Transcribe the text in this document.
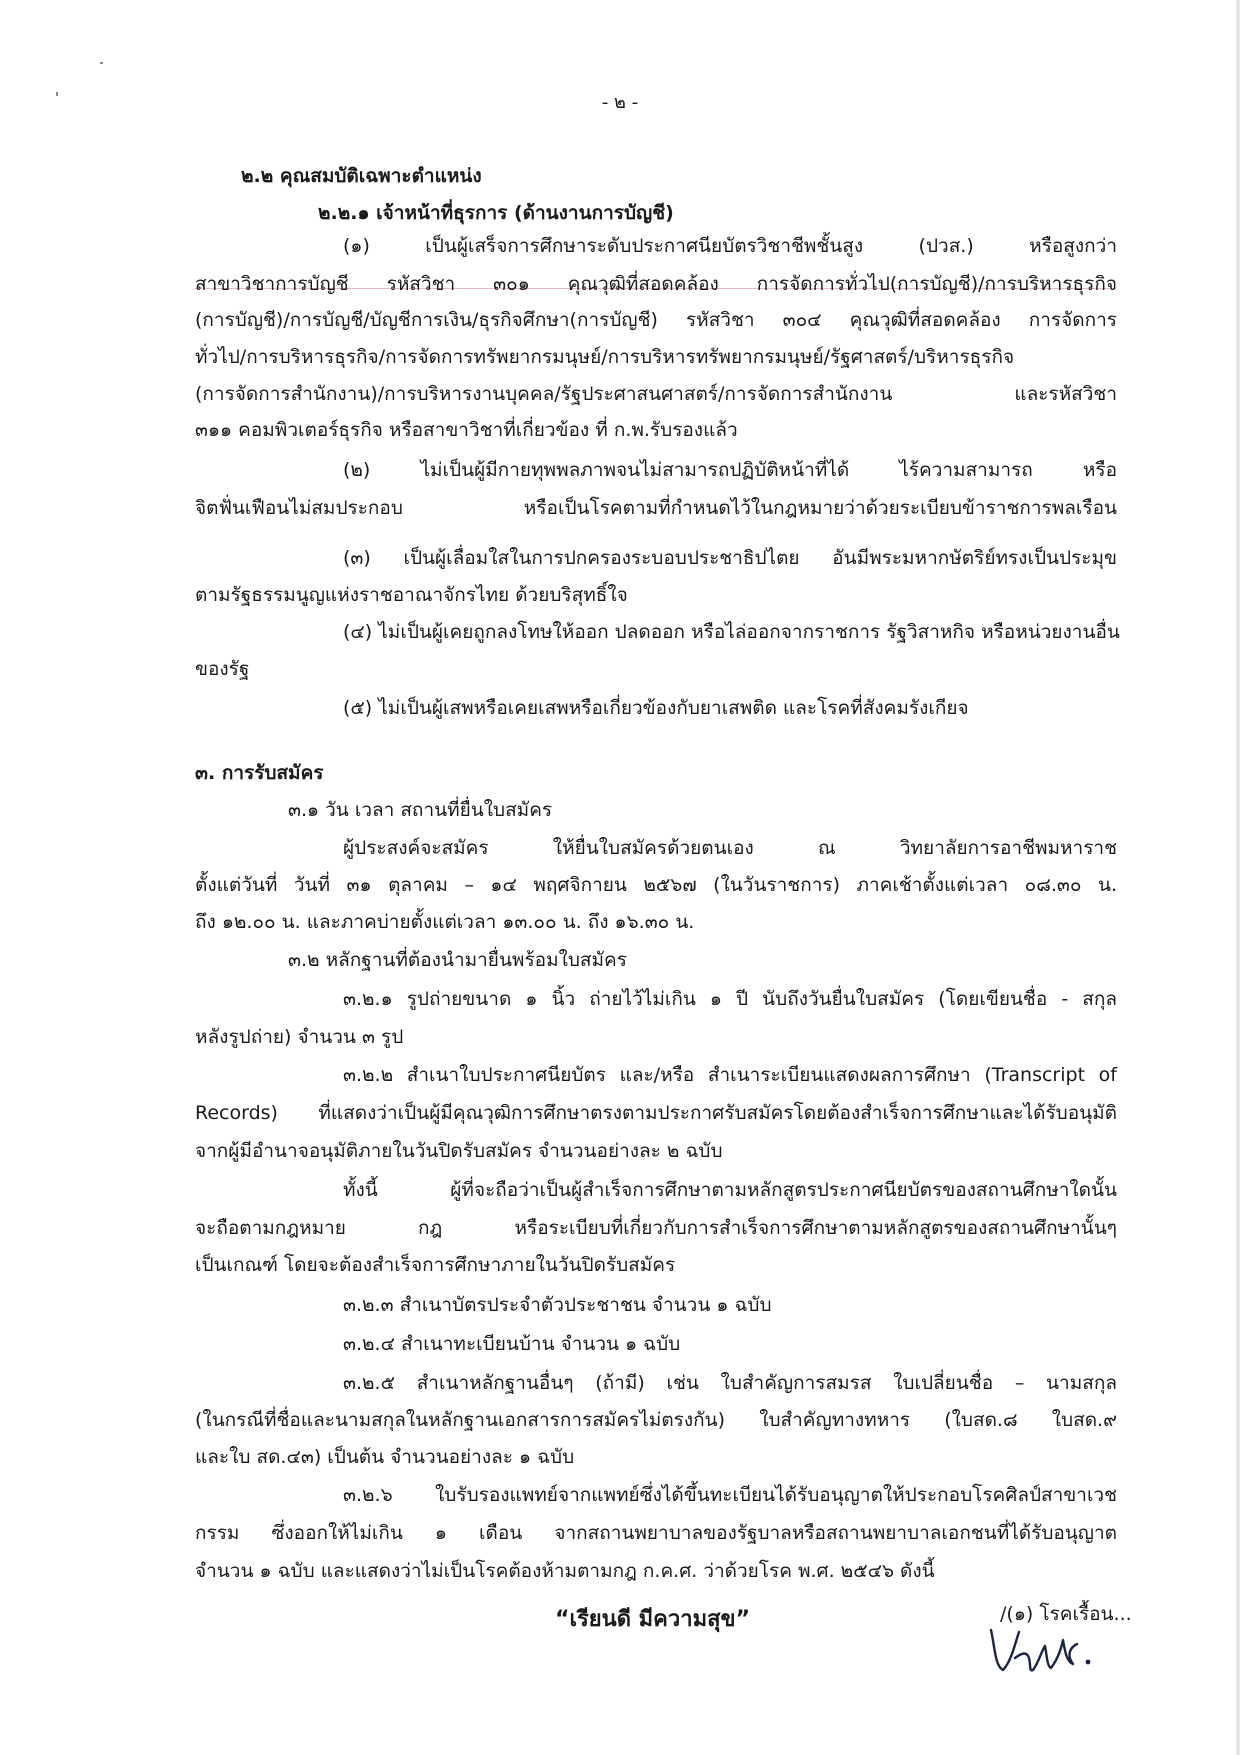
- ๒ -
๒.๒ คุณสมบัติเฉพาะตำแหน่ง
๒.๒.๑ เจ้าหน้าที่ธุรการ (ด้านงานการบัญชี)
(๑) เป็นผู้เสร็จการศึกษาระดับประกาศนียบัตรวิชาชีพชั้นสูง (ปวส.) หรือสูงกว่า
สาขาวิชาการบัญชี รหัสวิชา ๓๐๑ คุณวุฒิที่สอดคล้อง การจัดการทั่วไป(การบัญชี)/การบริหารธุรกิจ
(การบัญชี)/การบัญชี/บัญชีการเงิน/ธุรกิจศึกษา(การบัญชี) รหัสวิชา ๓๐๔ คุณวุฒิที่สอดคล้อง การจัดการ
ทั่วไป/การบริหารธุรกิจ/การจัดการทรัพยากรมนุษย์/การบริหารทรัพยากรมนุษย์/รัฐศาสตร์/บริหารธุรกิจ
(การจัดการสำนักงาน)/การบริหารงานบุคคล/รัฐประศาสนศาสตร์/การจัดการสำนักงาน และรหัสวิชา
๓๑๑ คอมพิวเตอร์ธุรกิจ หรือสาขาวิชาที่เกี่ยวข้อง ที่ ก.พ.รับรองแล้ว
(๒) ไม่เป็นผู้มีกายทุพพลภาพจนไม่สามารถปฏิบัติหน้าที่ได้ ไร้ความสามารถ หรือ
จิตฟั่นเฟือนไม่สมประกอบ หรือเป็นโรคตามที่กำหนดไว้ในกฎหมายว่าด้วยระเบียบข้าราชการพลเรือน
(๓) เป็นผู้เลื่อมใสในการปกครองระบอบประชาธิปไตย อันมีพระมหากษัตริย์ทรงเป็นประมุข
ตามรัฐธรรมนูญแห่งราชอาณาจักรไทย ด้วยบริสุทธิ์ใจ
(๔) ไม่เป็นผู้เคยถูกลงโทษให้ออก ปลดออก หรือไล่ออกจากราชการ รัฐวิสาหกิจ หรือหน่วยงานอื่น
ของรัฐ
(๕) ไม่เป็นผู้เสพหรือเคยเสพหรือเกี่ยวข้องกับยาเสพติด และโรคที่สังคมรังเกียจ
๓. การรับสมัคร
๓.๑ วัน เวลา สถานที่ยื่นใบสมัคร
ผู้ประสงค์จะสมัคร ให้ยื่นใบสมัครด้วยตนเอง ณ วิทยาลัยการอาชีพมหาราช
ตั้งแต่วันที่ วันที่ ๓๑ ตุลาคม – ๑๔ พฤศจิกายน ๒๕๖๗ (ในวันราชการ) ภาคเช้าตั้งแต่เวลา ๐๘.๓๐ น.
ถึง ๑๒.๐๐ น. และภาคบ่ายตั้งแต่เวลา ๑๓.๐๐ น. ถึง ๑๖.๓๐ น.
๓.๒ หลักฐานที่ต้องนำมายื่นพร้อมใบสมัคร
๓.๒.๑ รูปถ่ายขนาด ๑ นิ้ว ถ่ายไว้ไม่เกิน ๑ ปี นับถึงวันยื่นใบสมัคร (โดยเขียนชื่อ - สกุล
หลังรูปถ่าย) จำนวน ๓ รูป
๓.๒.๒ สำเนาใบประกาศนียบัตร และ/หรือ สำเนาระเบียนแสดงผลการศึกษา (Transcript of
Records) ที่แสดงว่าเป็นผู้มีคุณวุฒิการศึกษาตรงตามประกาศรับสมัครโดยต้องสำเร็จการศึกษาและได้รับอนุมัติ
จากผู้มีอำนาจอนุมัติภายในวันปิดรับสมัคร จำนวนอย่างละ ๒ ฉบับ
ทั้งนี้ ผู้ที่จะถือว่าเป็นผู้สำเร็จการศึกษาตามหลักสูตรประกาศนียบัตรของสถานศึกษาใดนั้น
จะถือตามกฎหมาย กฎ หรือระเบียบที่เกี่ยวกับการสำเร็จการศึกษาตามหลักสูตรของสถานศึกษานั้นๆ
เป็นเกณฑ์ โดยจะต้องสำเร็จการศึกษาภายในวันปิดรับสมัคร
๓.๒.๓ สำเนาบัตรประจำตัวประชาชน จำนวน ๑ ฉบับ
๓.๒.๔ สำเนาทะเบียนบ้าน จำนวน ๑ ฉบับ
๓.๒.๕ สำเนาหลักฐานอื่นๆ (ถ้ามี) เช่น ใบสำคัญการสมรส ใบเปลี่ยนชื่อ – นามสกุล
(ในกรณีที่ชื่อและนามสกุลในหลักฐานเอกสารการสมัครไม่ตรงกัน) ใบสำคัญทางทหาร (ใบสด.๘ ใบสด.๙
และใบ สด.๔๓) เป็นต้น จำนวนอย่างละ ๑ ฉบับ
๓.๒.๖ ใบรับรองแพทย์จากแพทย์ซึ่งได้ขึ้นทะเบียนได้รับอนุญาตให้ประกอบโรคศิลป์สาขาเวช
กรรม ซึ่งออกให้ไม่เกิน ๑ เดือน จากสถานพยาบาลของรัฐบาลหรือสถานพยาบาลเอกชนที่ได้รับอนุญาต
จำนวน ๑ ฉบับ และแสดงว่าไม่เป็นโรคต้องห้ามตามกฎ ก.ค.ศ. ว่าด้วยโรค พ.ศ. ๒๕๔๖ ดังนี้
/(๑) โรคเรื้อน...
“เรียนดี มีความสุข”
